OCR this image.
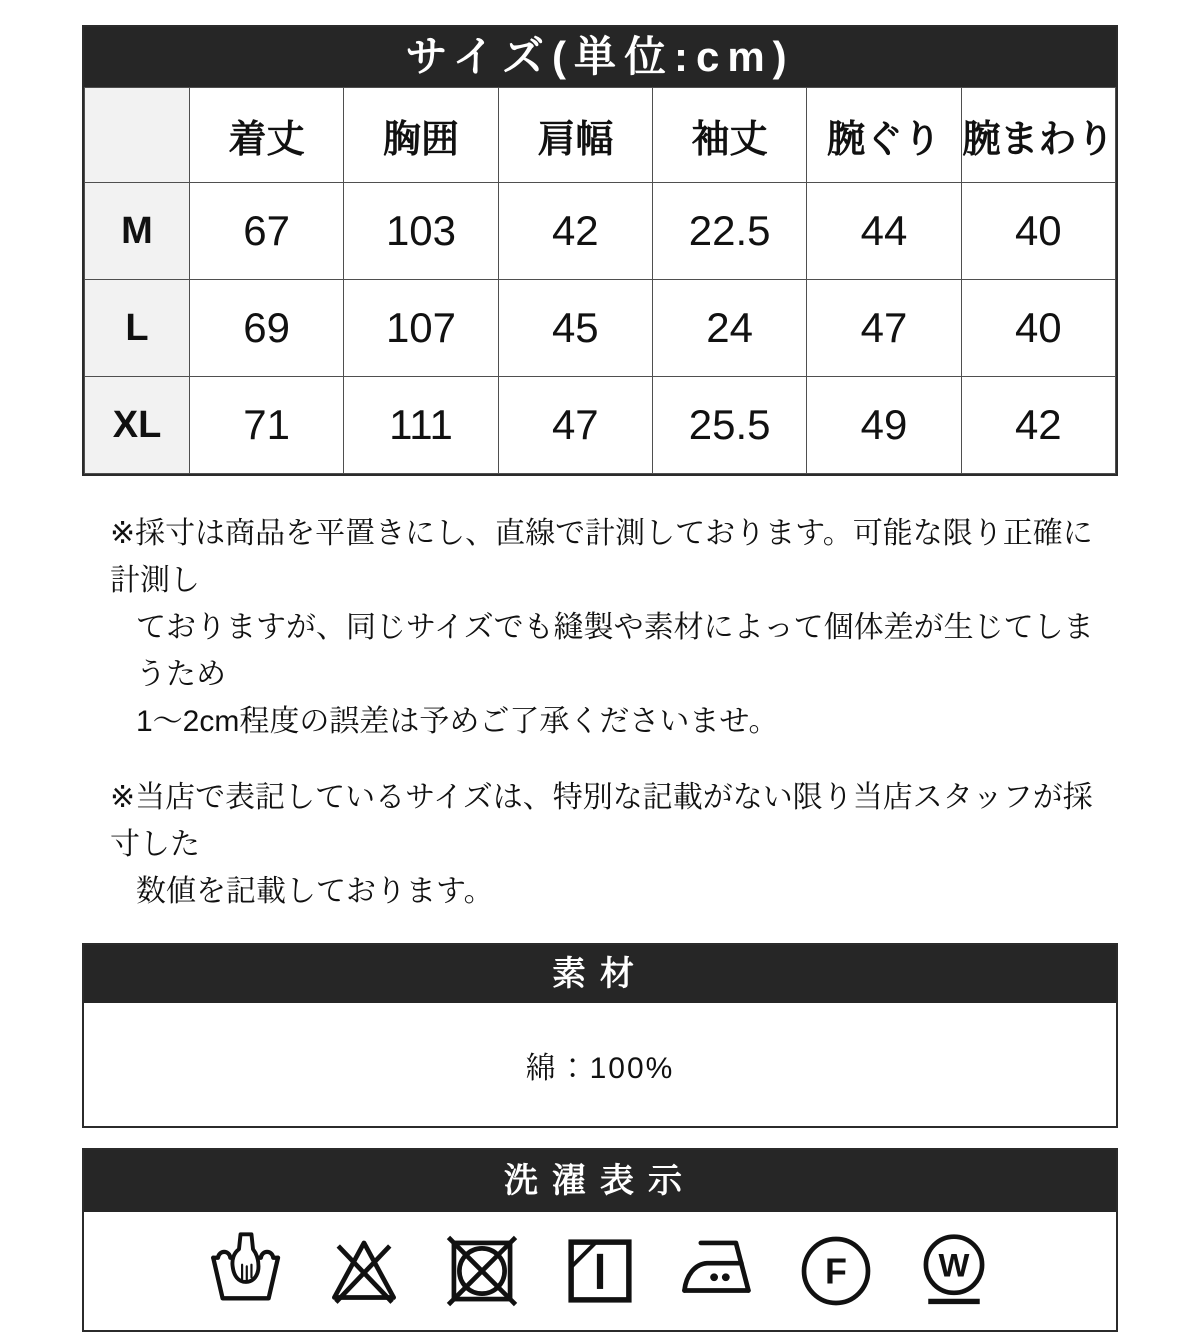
サイズ(単位:cm)
	着丈	胸囲	肩幅	袖丈	腕ぐり	腕まわり
M	67	103	42	22.5	44	40
L	69	107	45	24	47	40
XL	71	111	47	25.5	49	42
※採寸は商品を平置きにし、直線で計測しております。可能な限り正確に計測し
ておりますが、同じサイズでも縫製や素材によって個体差が生じてしまうため
1～2cm程度の誤差は予めご了承くださいませ。
※当店で表記しているサイズは、特別な記載がない限り当店スタッフが採寸した
数値を記載しております。
素材
綿：100%
洗濯表示
F W
